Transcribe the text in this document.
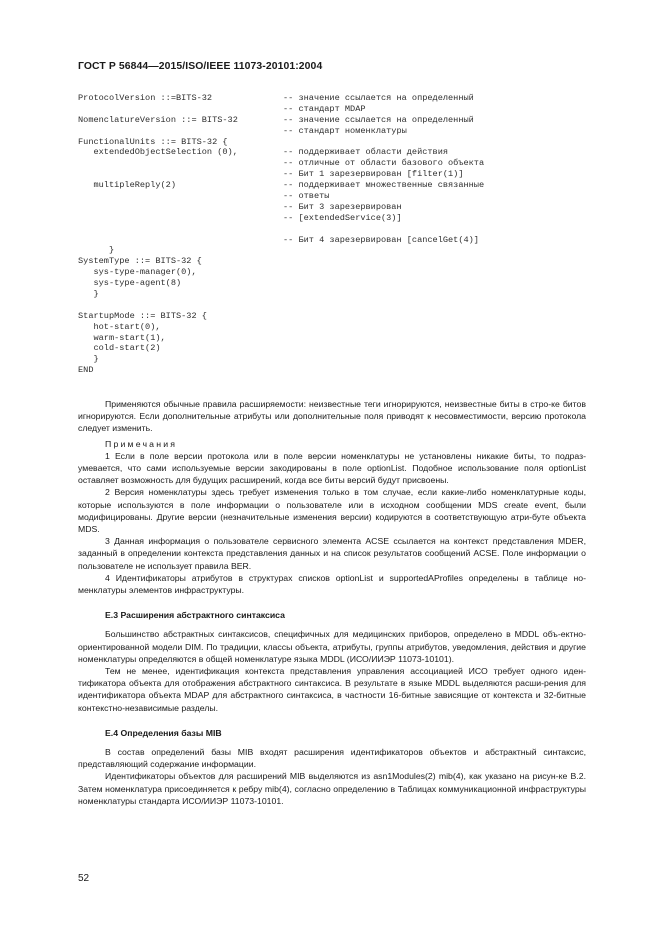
ГОСТ Р 56844—2015/ISO/IEEE 11073-20101:2004
ProtocolVersion ::=BITS-32	-- значение ссылается на определенный
-- стандарт MDAP
NomenclatureVersion ::= BITS-32	-- значение ссылается на определенный
-- стандарт номенклатуры
FunctionalUnits ::= BITS-32 {
extendedObjectSelection (0),	-- поддерживает области действия
-- отличные от области базового объекта
-- Бит 1 зарезервирован [filter(1)]
multipleReply(2)	-- поддерживает множественные связанные
-- ответы
-- Бит 3 зарезервирован
-- [extendedService(3)]
-- Бит 4 зарезервирован [cancelGet(4)]
}
SystemType ::= BITS-32 {
sys-type-manager(0),
sys-type-agent(8)
}
StartupMode ::= BITS-32 {
hot-start(0),
warm-start(1),
cold-start(2)
}
END

Применяются обычные правила расширяемости: неизвестные теги игнорируются, неизвестные биты в стро-ке битов игнорируются. Если дополнительные атрибуты или дополнительные поля приводят к несовместимости, версию протокола следует изменить.

Примечания

1 Если в поле версии протокола или в поле версии номенклатуры не установлены никакие биты, то подраз-умевается, что сами используемые версии закодированы в поле optionList. Подобное использование поля optionList оставляет возможность для будущих расширений, когда все биты версий будут присвоены.

2 Версия номенклатуры здесь требует изменения только в том случае, если какие-либо номенклатурные коды, которые используются в поле информации о пользователе или в исходном сообщении MDS create event, были модифицированы. Другие версии (незначительные изменения версии) кодируются в соответствующую атри-буте объекта MDS.

3 Данная информация о пользователе сервисного элемента ACSE ссылается на контекст представления MDER, заданный в определении контекста представления данных и на список результатов сообщений ACSE. Поле информации о пользователе не использует правила BER.

4 Идентификаторы атрибутов в структурах списков optionList и supportedAProfiles определены в таблице но-менклатуры элементов инфраструктуры.

E.3 Расширения абстрактного синтаксиса

Большинство абстрактных синтаксисов, специфичных для медицинских приборов, определено в MDDL объ-ектно-ориентированной модели DIM. По традиции, классы объекта, атрибуты, группы атрибутов, уведомления, действия и другие номенклатуры определяются в общей номенклатуре языка MDDL (ИСО/ИИЭР 11073-10101).

Тем не менее, идентификация контекста представления управления ассоциацией ИСО требует одного иден-тификатора объекта для отображения абстрактного синтаксиса. В результате в языке MDDL выделяются расши-рения для идентификатора объекта MDAP для абстрактного синтаксиса, в частности 16-битные зависящие от контекста и 32-битные контекстно-независимые разделы.

E.4 Определения базы MIB

В состав определений базы MIB входят расширения идентификаторов объектов и абстрактный синтаксис, представляющий содержание информации.

Идентификаторы объектов для расширений MIB выделяются из asn1Modules(2) mib(4), как указано на рисун-ке B.2. Затем номенклатура присоединяется к ребру mib(4), согласно определению в Таблицах коммуникационной инфраструктуры номенклатуры стандарта ИСО/ИИЭР 11073-10101.

52
